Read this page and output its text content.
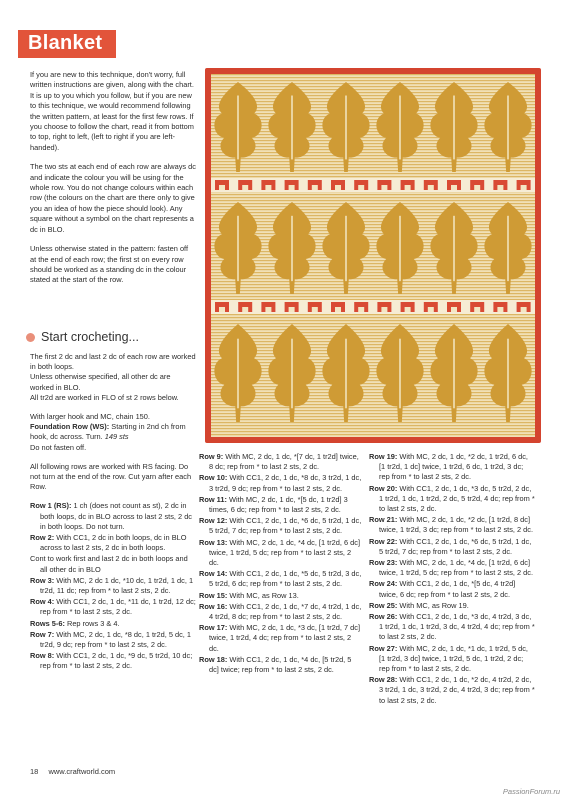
Blanket

If you are new to this technique, don't worry, full written instructions are given, along with the chart. It is up to you which you follow, but if you are new to this technique, we would recommend following the written pattern, at least for the first few rows. If you choose to follow the chart, read it from bottom to top, right to left, (left to right if you are left-handed).

The two sts at each end of each row are always dc and indicate the colour you will be using for the whole row. You do not change colours within each row (the colours on the chart are there only to give you an idea of how the piece should look). Any square without a symbol on the chart represents a dc in BLO.

Unless otherwise stated in the pattern: fasten off at the end of each row; the first st on every row should be worked as a standing dc in the colour stated at the start of the row.

Start crocheting...

The first 2 dc and last 2 dc of each row are worked in both loops.
Unless otherwise specified, all other dc are worked in BLO.
All tr2d are worked in FLO of st 2 rows below.

With larger hook and MC, chain 150.
Foundation Row (WS): Starting in 2nd ch from hook, dc across. Turn. 149 sts
Do not fasten off.

All following rows are worked with RS facing. Do not turn at the end of the row. Cut yarn after each Row.

Row 1 (RS): 1 ch (does not count as st), 2 dc in both loops, dc in BLO across to last 2 sts, 2 dc in both loops. Do not turn.
Row 2: With CC1, 2 dc in both loops, dc in BLO across to last 2 sts, 2 dc in both loops.
Cont to work first and last 2 dc in both loops and all other dc in BLO
Row 3: With MC, 2 dc 1 dc, *10 dc, 1 tr2d, 1 dc, 1 tr2d, 11 dc; rep from * to last 2 sts, 2 dc.
Row 4: With CC1, 2 dc, 1 dc, *11 dc, 1 tr2d, 12 dc; rep from * to last 2 sts, 2 dc.
Rows 5-6: Rep rows 3 & 4.
Row 7: With MC, 2 dc, 1 dc, *8 dc, 1 tr2d, 5 dc, 1 tr2d, 9 dc; rep from * to last 2 sts, 2 dc.
Row 8: With CC1, 2 dc, 1 dc, *9 dc, 5 tr2d, 10 dc; rep from * to last 2 sts, 2 dc.
Row 9: With MC, 2 dc, 1 dc, *[7 dc, 1 tr2d] twice, 8 dc; rep from * to last 2 sts, 2 dc.
Row 10: With CC1, 2 dc, 1 dc, *8 dc, 3 tr2d, 1 dc, 3 tr2d, 9 dc; rep from * to last 2 sts, 2 dc.
Row 11: With MC, 2 dc, 1 dc, *[5 dc, 1 tr2d] 3 times, 6 dc; rep from * to last 2 sts, 2 dc.
Row 12: With CC1, 2 dc, 1 dc, *6 dc, 5 tr2d, 1 dc, 5 tr2d, 7 dc; rep from * to last 2 sts, 2 dc.
Row 13: With MC, 2 dc, 1 dc, *4 dc, [1 tr2d, 6 dc] twice, 1 tr2d, 5 dc; rep from * to last 2 sts, 2 dc.
Row 14: With CC1, 2 dc, 1 dc, *5 dc, 5 tr2d, 3 dc, 5 tr2d, 6 dc; rep from * to last 2 sts, 2 dc.
Row 15: With MC, as Row 13.
Row 16: With CC1, 2 dc, 1 dc, *7 dc, 4 tr2d, 1 dc, 4 tr2d, 8 dc; rep from * to last 2 sts, 2 dc.
Row 17: With MC, 2 dc, 1 dc, *3 dc, [1 tr2d, 7 dc] twice, 1 tr2d, 4 dc; rep from * to last 2 sts, 2 dc.
Row 18: With CC1, 2 dc, 1 dc, *4 dc, [5 tr2d, 5 dc] twice; rep from * to last 2 sts, 2 dc.
Row 19: With MC, 2 dc, 1 dc, *2 dc, 1 tr2d, 6 dc, [1 tr2d, 1 dc] twice, 1 tr2d, 6 dc, 1 tr2d, 3 dc; rep from * to last 2 sts, 2 dc.
Row 20: With CC1, 2 dc, 1 dc, *3 dc, 5 tr2d, 2 dc, 1 tr2d, 1 dc, 1 tr2d, 2 dc, 5 tr2d, 4 dc; rep from * to last 2 sts, 2 dc.
Row 21: With MC, 2 dc, 1 dc, *2 dc, [1 tr2d, 8 dc] twice, 1 tr2d, 3 dc; rep from * to last 2 sts, 2 dc.
Row 22: With CC1, 2 dc, 1 dc, *6 dc, 5 tr2d, 1 dc, 5 tr2d, 7 dc; rep from * to last 2 sts, 2 dc.
Row 23: With MC, 2 dc, 1 dc, *4 dc, [1 tr2d, 6 dc] twice, 1 tr2d, 5 dc; rep from * to last 2 sts, 2 dc.
Row 24: With CC1, 2 dc, 1 dc, *[5 dc, 4 tr2d] twice, 6 dc; rep from * to last 2 sts, 2 dc.
Row 25: With MC, as Row 19.
Row 26: With CC1, 2 dc, 1 dc, *3 dc, 4 tr2d, 3 dc, 1 tr2d, 1 dc, 1 tr2d, 3 dc, 4 tr2d, 4 dc; rep from * to last 2 sts, 2 dc.
Row 27: With MC, 2 dc, 1 dc, *1 dc, 1 tr2d, 5 dc, [1 tr2d, 3 dc] twice, 1 tr2d, 5 dc, 1 tr2d, 2 dc; rep from * to last 2 sts, 2 dc.
Row 28: With CC1, 2 dc, 1 dc, *2 dc, 4 tr2d, 2 dc, 3 tr2d, 1 dc, 3 tr2d, 2 dc, 4 tr2d, 3 dc; rep from * to last 2 sts, 2 dc.
18 www.craftworld.com
PassionForum.ru
